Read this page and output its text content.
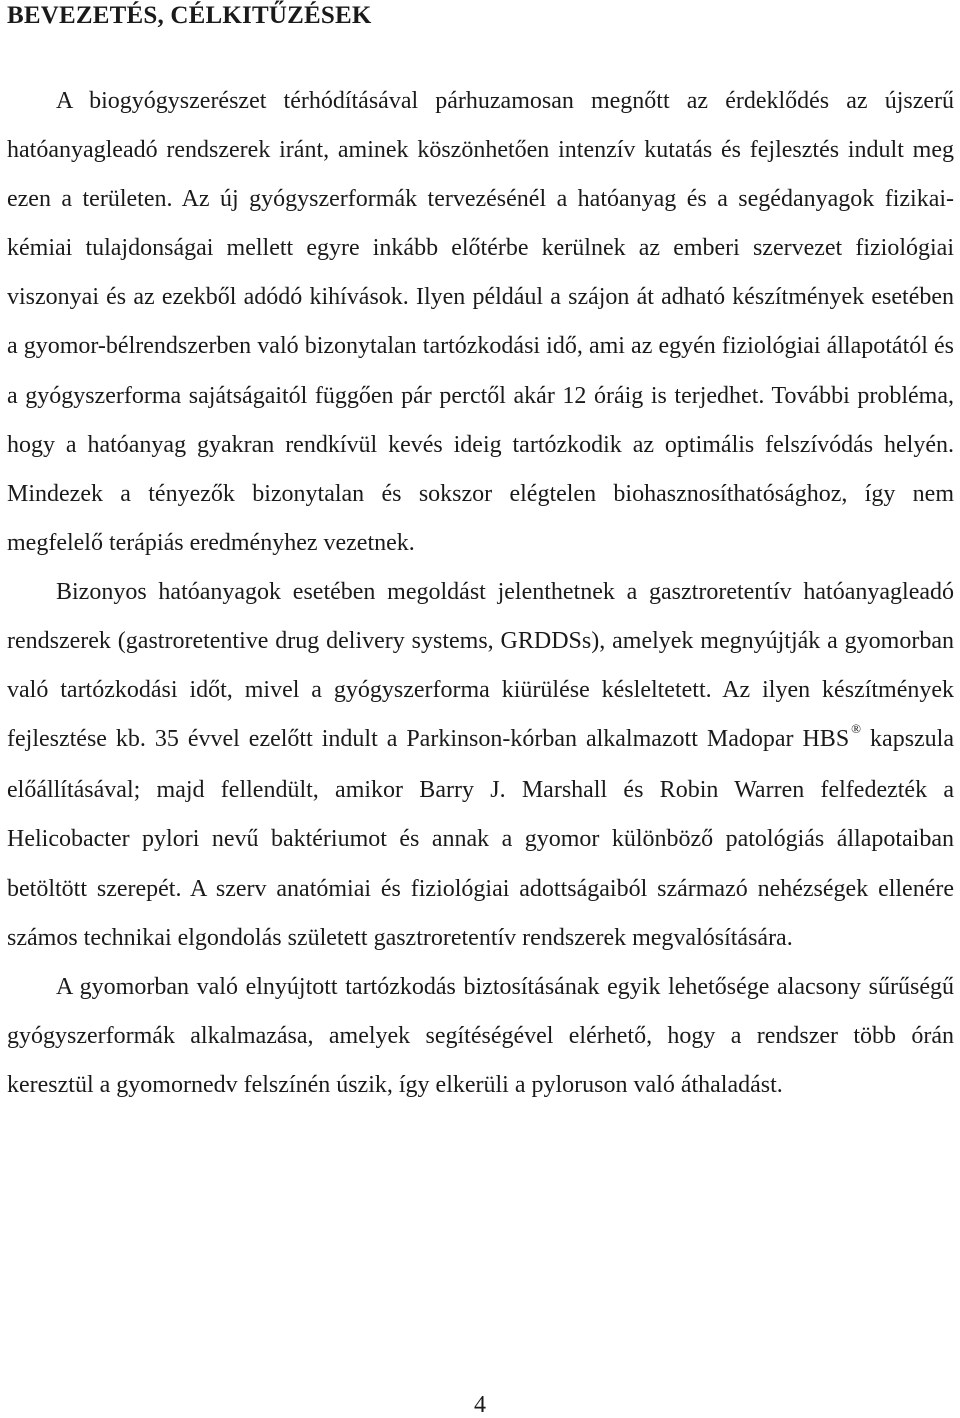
BEVEZETÉS, CÉLKITŰZÉSEK

A biogyógyszerészet térhódításával párhuzamosan megnőtt az érdeklődés az újszerű hatóanyagleadó rendszerek iránt, aminek köszönhetően intenzív kutatás és fejlesztés indult meg ezen a területen. Az új gyógyszerformák tervezésénél a hatóanyag és a segédanyagok fizikai-kémiai tulajdonságai mellett egyre inkább előtérbe kerülnek az emberi szervezet fiziológiai viszonyai és az ezekből adódó kihívások. Ilyen például a szájon át adható készítmények esetében a gyomor-bélrendszerben való bizonytalan tartózkodási idő, ami az egyén fiziológiai állapotától és a gyógyszerforma sajátságaitól függően pár perctől akár 12 óráig is terjedhet. További probléma, hogy a hatóanyag gyakran rendkívül kevés ideig tartózkodik az optimális felszívódás helyén. Mindezek a tényezők bizonytalan és sokszor elégtelen biohasznosíthatósághoz, így nem megfelelő terápiás eredményhez vezetnek.

Bizonyos hatóanyagok esetében megoldást jelenthetnek a gasztroretentív hatóanyagleadó rendszerek (gastroretentive drug delivery systems, GRDDSs), amelyek megnyújtják a gyomorban való tartózkodási időt, mivel a gyógyszerforma kiürülése késleltetett. Az ilyen készítmények fejlesztése kb. 35 évvel ezelőtt indult a Parkinson-kórban alkalmazott Madopar HBS ® kapszula előállításával; majd fellendült, amikor Barry J. Marshall és Robin Warren felfedezték a Helicobacter pylori nevű baktériumot és annak a gyomor különböző patológiás állapotaiban betöltött szerepét. A szerv anatómiai és fiziológiai adottságaiból származó nehézségek ellenére számos technikai elgondolás született gasztroretentív rendszerek megvalósítására.

A gyomorban való elnyújtott tartózkodás biztosításának egyik lehetősége alacsony sűrűségű gyógyszerformák alkalmazása, amelyek segítéségével elérhető, hogy a rendszer több órán keresztül a gyomornedv felszínén úszik, így elkerüli a pyloruson való áthaladást.

4
